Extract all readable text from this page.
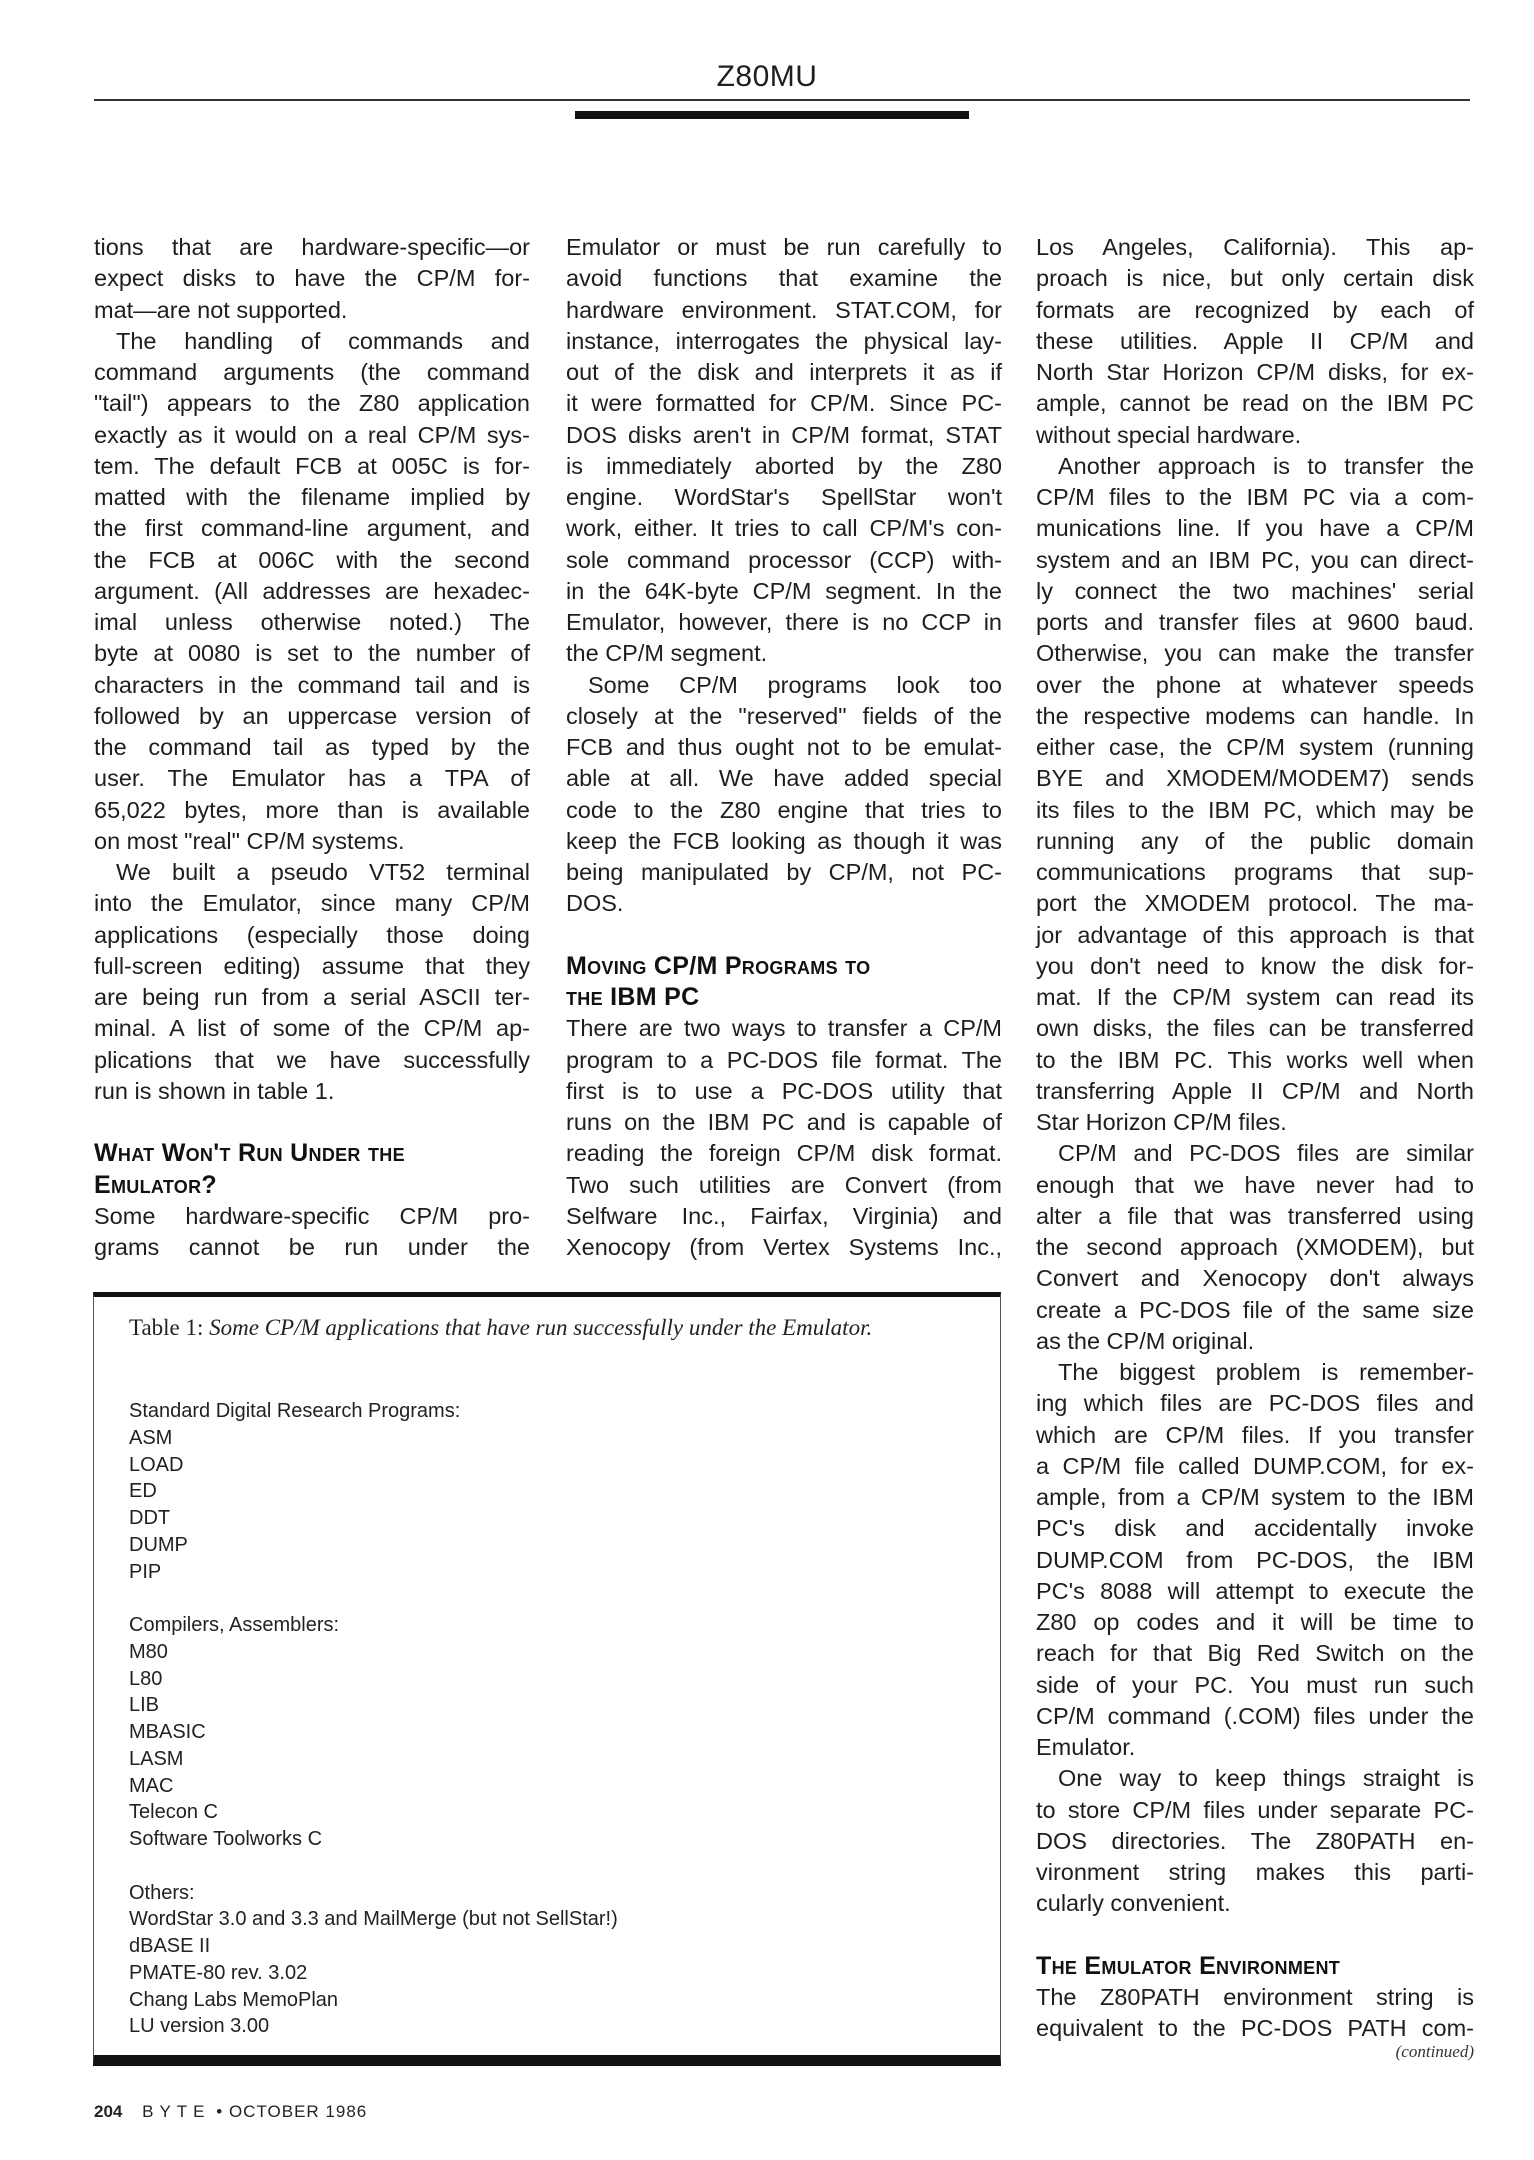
Z80MU
tions that are hardware-specific—or
expect disks to have the CP/M for-
mat—are not supported.
The handling of commands and
command arguments (the command
"tail") appears to the Z80 application
exactly as it would on a real CP/M sys-
tem. The default FCB at 005C is for-
matted with the filename implied by
the first command-line argument, and
the FCB at 006C with the second
argument. (All addresses are hexadec-
imal unless otherwise noted.) The
byte at 0080 is set to the number of
characters in the command tail and is
followed by an uppercase version of
the command tail as typed by the
user. The Emulator has a TPA of
65,022 bytes, more than is available
on most "real" CP/M systems.
We built a pseudo VT52 terminal
into the Emulator, since many CP/M
applications (especially those doing
full-screen editing) assume that they
are being run from a serial ASCII ter-
minal. A list of some of the CP/M ap-
plications that we have successfully
run is shown in table 1.
What Won't Run Under the
Emulator?
Some hardware-specific CP/M pro-
grams cannot be run under the
Emulator or must be run carefully to
avoid functions that examine the
hardware environment. STAT.COM, for
instance, interrogates the physical lay-
out of the disk and interprets it as if
it were formatted for CP/M. Since PC-
DOS disks aren't in CP/M format, STAT
is immediately aborted by the Z80
engine. WordStar's SpellStar won't
work, either. It tries to call CP/M's con-
sole command processor (CCP) with-
in the 64K-byte CP/M segment. In the
Emulator, however, there is no CCP in
the CP/M segment.
Some CP/M programs look too
closely at the "reserved" fields of the
FCB and thus ought not to be emulat-
able at all. We have added special
code to the Z80 engine that tries to
keep the FCB looking as though it was
being manipulated by CP/M, not PC-
DOS.
Moving CP/M Programs to
the IBM PC
There are two ways to transfer a CP/M
program to a PC-DOS file format. The
first is to use a PC-DOS utility that
runs on the IBM PC and is capable of
reading the foreign CP/M disk format.
Two such utilities are Convert (from
Selfware Inc., Fairfax, Virginia) and
Xenocopy (from Vertex Systems Inc.,
Los Angeles, California). This ap-
proach is nice, but only certain disk
formats are recognized by each of
these utilities. Apple II CP/M and
North Star Horizon CP/M disks, for ex-
ample, cannot be read on the IBM PC
without special hardware.
Another approach is to transfer the
CP/M files to the IBM PC via a com-
munications line. If you have a CP/M
system and an IBM PC, you can direct-
ly connect the two machines' serial
ports and transfer files at 9600 baud.
Otherwise, you can make the transfer
over the phone at whatever speeds
the respective modems can handle. In
either case, the CP/M system (running
BYE and XMODEM/MODEM7) sends
its files to the IBM PC, which may be
running any of the public domain
communications programs that sup-
port the XMODEM protocol. The ma-
jor advantage of this approach is that
you don't need to know the disk for-
mat. If the CP/M system can read its
own disks, the files can be transferred
to the IBM PC. This works well when
transferring Apple II CP/M and North
Star Horizon CP/M files.
CP/M and PC-DOS files are similar
enough that we have never had to
alter a file that was transferred using
the second approach (XMODEM), but
Convert and Xenocopy don't always
create a PC-DOS file of the same size
as the CP/M original.
The biggest problem is remember-
ing which files are PC-DOS files and
which are CP/M files. If you transfer
a CP/M file called DUMP.COM, for ex-
ample, from a CP/M system to the IBM
PC's disk and accidentally invoke
DUMP.COM from PC-DOS, the IBM
PC's 8088 will attempt to execute the
Z80 op codes and it will be time to
reach for that Big Red Switch on the
side of your PC. You must run such
CP/M command (.COM) files under the
Emulator.
One way to keep things straight is
to store CP/M files under separate PC-
DOS directories. The Z80PATH en-
vironment string makes this parti-
cularly convenient.
The Emulator Environment
The Z80PATH environment string is
equivalent to the PC-DOS PATH com-
Table 1: Some CP/M applications that have run successfully under the Emulator.
Standard Digital Research Programs:
ASM
LOAD
ED
DDT
DUMP
PIP
Compilers, Assemblers:
M80
L80
LIB
MBASIC
LASM
MAC
Telecon C
Software Toolworks C
Others:
WordStar 3.0 and 3.3 and MailMerge (but not SellStar!)
dBASE II
PMATE-80 rev. 3.02
Chang Labs MemoPlan
LU version 3.00
(continued)
204 BYTE • OCTOBER 1986
